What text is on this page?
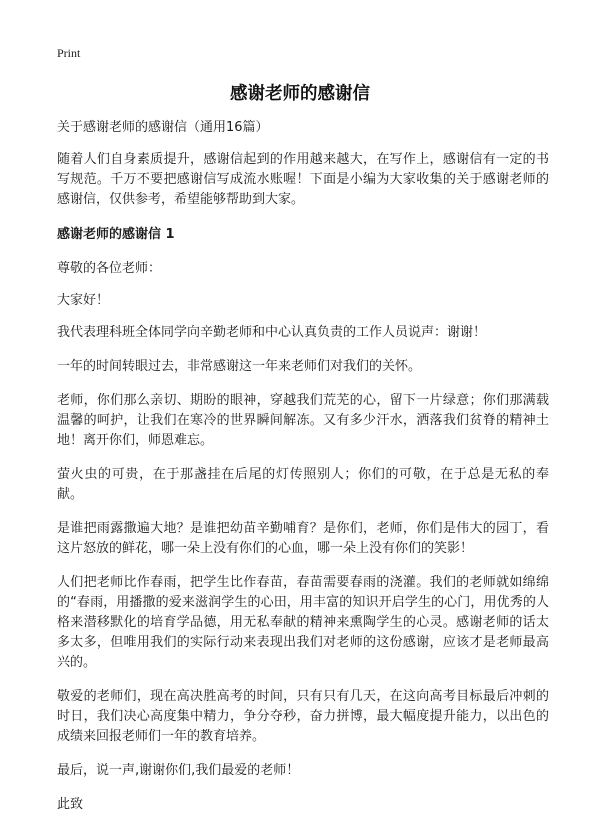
Print
感谢老师的感谢信

关于感谢老师的感谢信（通用16篇）

随着人们自身素质提升，感谢信起到的作用越来越大，在写作上，感谢信有一定的书写规范。千万不要把感谢信写成流水账喔！下面是小编为大家收集的关于感谢老师的感谢信，仅供参考，希望能够帮助到大家。

感谢老师的感谢信 1

尊敬的各位老师：

大家好！

我代表理科班全体同学向辛勤老师和中心认真负责的工作人员说声：谢谢！

一年的时间转眼过去，非常感谢这一年来老师们对我们的关怀。

老师，你们那么亲切、期盼的眼神，穿越我们荒芜的心，留下一片绿意；你们那满载温馨的呵护，让我们在寒冷的世界瞬间解冻。又有多少汗水，洒落我们贫脊的精神土地！离开你们，师恩难忘。

萤火虫的可贵，在于那盏挂在后尾的灯传照别人；你们的可敬，在于总是无私的奉献。

是谁把雨露撒遍大地？是谁把幼苗辛勤哺育？是你们，老师，你们是伟大的园丁，看这片怒放的鲜花，哪一朵上没有你们的心血，哪一朵上没有你们的笑影！

人们把老师比作春雨，把学生比作春苗，春苗需要春雨的浇灌。我们的老师就如绵绵的“春雨，用播撒的爱来滋润学生的心田，用丰富的知识开启学生的心门，用优秀的人格来潜移默化的培育学品德，用无私奉献的精神来熏陶学生的心灵。感谢老师的话太多太多，但唯用我们的实际行动来表现出我们对老师的这份感谢，应该才是老师最高兴的。

敬爱的老师们，现在高决胜高考的时间，只有只有几天，在这向高考目标最后冲刺的时日，我们决心高度集中精力，争分夺秒，奋力拼博，最大幅度提升能力，以出色的成绩来回报老师们一年的教育培养。

最后，说一声,谢谢你们,我们最爱的老师！

此致
